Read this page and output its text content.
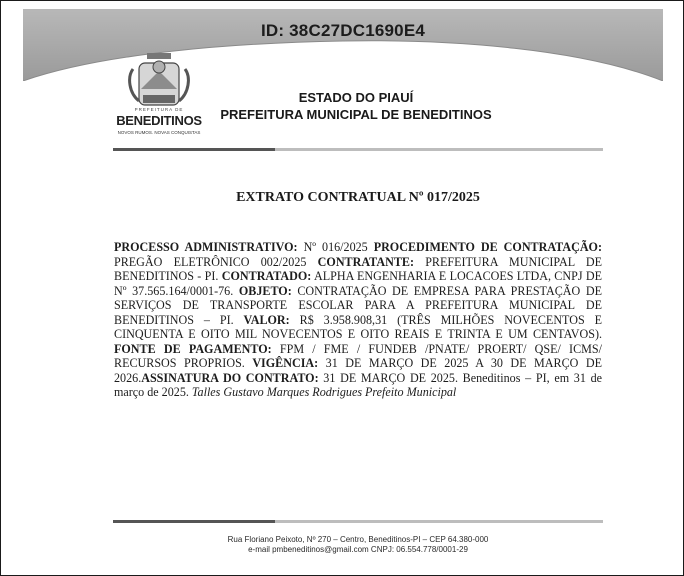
ID: 38C27DC1690E4
PREFEITURA DE
BENEDITINOS
NOVOS RUMOS. NOVAS CONQUISTAS
ESTADO DO PIAUÍ
PREFEITURA MUNICIPAL DE BENEDITINOS
EXTRATO CONTRATUAL Nº 017/2025

PROCESSO ADMINISTRATIVO: Nº 016/2025 PROCEDIMENTO DE CONTRATAÇÃO: PREGÃO ELETRÔNICO 002/2025 CONTRATANTE: PREFEITURA MUNICIPAL DE BENEDITINOS - PI. CONTRATADO: ALPHA ENGENHARIA E LOCACOES LTDA, CNPJ DE Nº 37.565.164/0001-76. OBJETO: CONTRATAÇÃO DE EMPRESA PARA PRESTAÇÃO DE SERVIÇOS DE TRANSPORTE ESCOLAR PARA A PREFEITURA MUNICIPAL DE BENEDITINOS – PI. VALOR: R$ 3.958.908,31 (TRÊS MILHÕES NOVECENTOS E CINQUENTA E OITO MIL NOVECENTOS E OITO REAIS E TRINTA E UM CENTAVOS). FONTE DE PAGAMENTO: FPM / FME / FUNDEB /PNATE/ PROERT/ QSE/ ICMS/ RECURSOS PROPRIOS. VIGÊNCIA: 31 DE MARÇO DE 2025 A 30 DE MARÇO DE 2026.ASSINATURA DO CONTRATO: 31 DE MARÇO DE 2025. Beneditinos – PI, em 31 de março de 2025. Talles Gustavo Marques Rodrigues Prefeito Municipal

Rua Floriano Peixoto, Nº 270 – Centro, Beneditinos-PI – CEP 64.380-000
e-mail pmbeneditinos@gmail.com CNPJ: 06.554.778/0001-29
